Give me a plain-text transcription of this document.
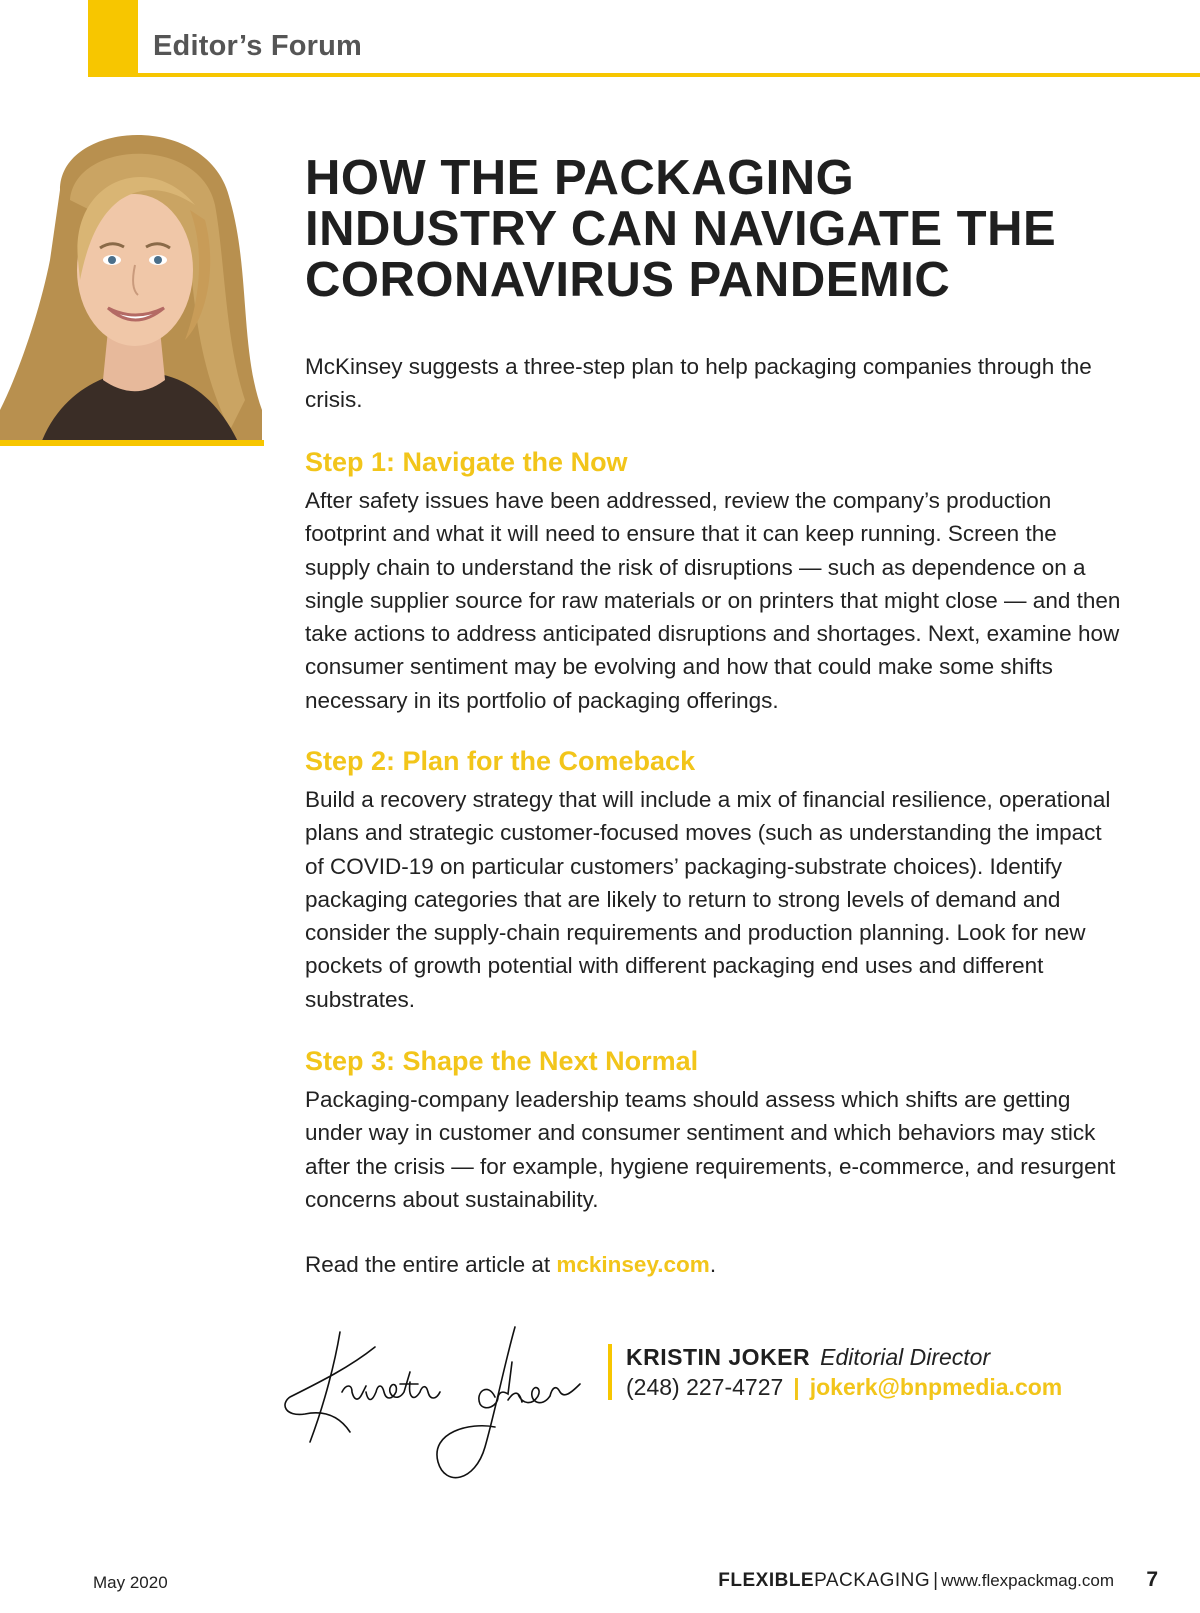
Editor’s Forum
HOW THE PACKAGING
INDUSTRY CAN NAVIGATE THE
CORONAVIRUS PANDEMIC

McKinsey suggests a three-step plan to help packaging companies through the crisis.

Step 1: Navigate the Now

After safety issues have been addressed, review the company’s production footprint and what it will need to ensure that it can keep running. Screen the supply chain to understand the risk of disruptions — such as dependence on a single supplier source for raw materials or on printers that might close — and then take actions to address anticipated disruptions and shortages. Next, examine how consumer sentiment may be evolving and how that could make some shifts necessary in its portfolio of packaging offerings.

Step 2: Plan for the Comeback

Build a recovery strategy that will include a mix of financial resilience, operational plans and strategic customer-focused moves (such as understanding the impact of COVID-19 on particular customers’ packaging-substrate choices). Identify packaging categories that are likely to return to strong levels of demand and consider the supply-chain requirements and production planning. Look for new pockets of growth potential with different packaging end uses and different substrates.

Step 3: Shape the Next Normal

Packaging-company leadership teams should assess which shifts are getting under way in customer and consumer sentiment and which behaviors may stick after the crisis — for example, hygiene requirements, e-commerce, and resurgent concerns about sustainability.

Read the entire article at mckinsey.com.

KRISTIN JOKER Editorial Director
(248) 227-4727 | jokerk@bnpmedia.com
May 2020	FLEXIBLEPACKAGING | www.flexpackmag.com 7
